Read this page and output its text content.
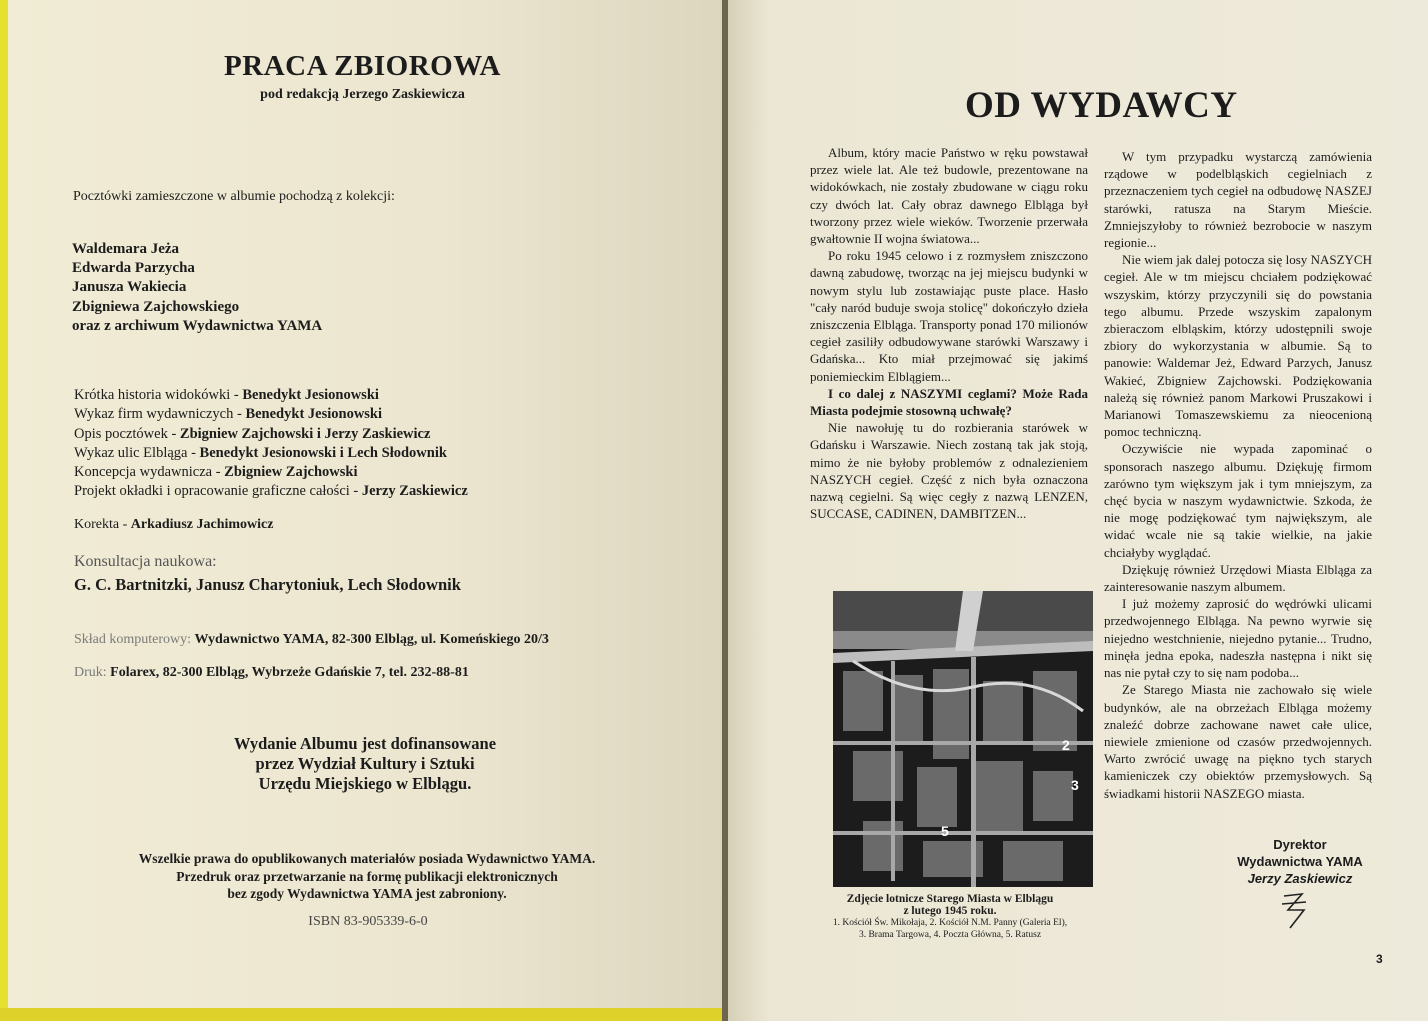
PRACA ZBIOROWA
pod redakcją Jerzego Zaskiewicza
Pocztówki zamieszczone w albumie pochodzą z kolekcji:
Waldemara Jeża
Edwarda Parzycha
Janusza Wakiecia
Zbigniewa Zajchowskiego
oraz z archiwum Wydawnictwa YAMA
Krótka historia widokówki - Benedykt Jesionowski
Wykaz firm wydawniczych - Benedykt Jesionowski
Opis pocztówek - Zbigniew Zajchowski i Jerzy Zaskiewicz
Wykaz ulic Elbląga - Benedykt Jesionowski i Lech Słodownik
Koncepcja wydawnicza - Zbigniew Zajchowski
Projekt okładki i opracowanie graficzne całości - Jerzy Zaskiewicz
Korekta - Arkadiusz Jachimowicz
Konsultacja naukowa:
G. C. Bartnitzki, Janusz Charytoniuk, Lech Słodownik
Skład komputerowy: Wydawnictwo YAMA, 82-300 Elbląg, ul. Komeńskiego 20/3
Druk: Folarex, 82-300 Elbląg, Wybrzeże Gdańskie 7, tel. 232-88-81
Wydanie Albumu jest dofinansowane
przez Wydział Kultury i Sztuki
Urzędu Miejskiego w Elblągu.
Wszelkie prawa do opublikowanych materiałów posiada Wydawnictwo YAMA.
Przedruk oraz przetwarzanie na formę publikacji elektronicznych
bez zgody Wydawnictwa YAMA jest zabroniony.
ISBN 83-905339-6-0
OD WYDAWCY

Album, który macie Państwo w ręku powstawał przez wiele lat. Ale też budowle, prezentowane na widokówkach, nie zostały zbudowane w ciągu roku czy dwóch lat. Cały obraz dawnego Elbląga był tworzony przez wiele wieków. Tworzenie przerwała gwałtownie II wojna światowa...

Po roku 1945 celowo i z rozmysłem zniszczono dawną zabudowę, tworząc na jej miejscu budynki w nowym stylu lub zostawiając puste place. Hasło "cały naród buduje swoja stolicę" dokończyło dzieła zniszczenia Elbląga. Transporty ponad 170 milionów cegieł zasiliły odbudowywane starówki Warszawy i Gdańska... Kto miał przejmować się jakimś poniemieckim Elblągiem...

I co dalej z NASZYMI ceglami? Może Rada Miasta podejmie stosowną uchwałę?

Nie nawołuję tu do rozbierania starówek w Gdańsku i Warszawie. Niech zostaną tak jak stoją, mimo że nie byłoby problemów z odnalezieniem NASZYCH cegieł. Część z nich była oznaczona nazwą cegielni. Są więc cegły z nazwą LENZEN, SUCCASE, CADINEN, DAMBITZEN...

W tym przypadku wystarczą zamówienia rządowe w podelbląskich cegielniach z przeznaczeniem tych cegieł na odbudowę NASZEJ starówki, ratusza na Starym Mieście. Zmniejszyłoby to również bezrobocie w naszym regionie...

Nie wiem jak dalej potocza się losy NASZYCH cegieł. Ale w tm miejscu chciałem podziękować wszyskim, którzy przyczynili się do powstania tego albumu. Przede wszyskim zapalonym zbieraczom elbląskim, którzy udostępnili swoje zbiory do wykorzystania w albumie. Są to panowie: Waldemar Jeż, Edward Parzych, Janusz Wakieć, Zbigniew Zajchowski. Podziękowania należą się również panom Markowi Pruszakowi i Marianowi Tomaszewskiemu za nieocenioną pomoc techniczną.

Oczywiście nie wypada zapominać o sponsorach naszego albumu. Dziękuję firmom zarówno tym większym jak i tym mniejszym, za chęć bycia w naszym wydawnictwie. Szkoda, że nie mogę podziękować tym największym, ale widać wcale nie są takie wielkie, na jakie chciałyby wyglądać.

Dziękuję również Urzędowi Miasta Elbląga za zainteresowanie naszym albumem.

I już możemy zaprosić do wędrówki ulicami przedwojennego Elbląga. Na pewno wyrwie się niejedno westchnienie, niejedno pytanie... Trudno, minęła jedna epoka, nadeszła następna i nikt się nas nie pytał czy to się nam podoba...

Ze Starego Miasta nie zachowało się wiele budynków, ale na obrzeżach Elbląga możemy znaleźć dobrze zachowane nawet całe ulice, niewiele zmienione od czasów przedwojennych. Warto zwrócić uwagę na piękno tych starych kamieniczek czy obiektów przemysłowych. Są świadkami historii NASZEGO miasta.

2
3
5
Zdjęcie lotnicze Starego Miasta w Elblągu
z lutego 1945 roku.
1. Kościół Św. Mikołaja, 2. Kościół N.M. Panny (Galeria El),
3. Brama Targowa, 4. Poczta Główna, 5. Ratusz
Dyrektor
Wydawnictwa YAMA
Jerzy Zaskiewicz
3
